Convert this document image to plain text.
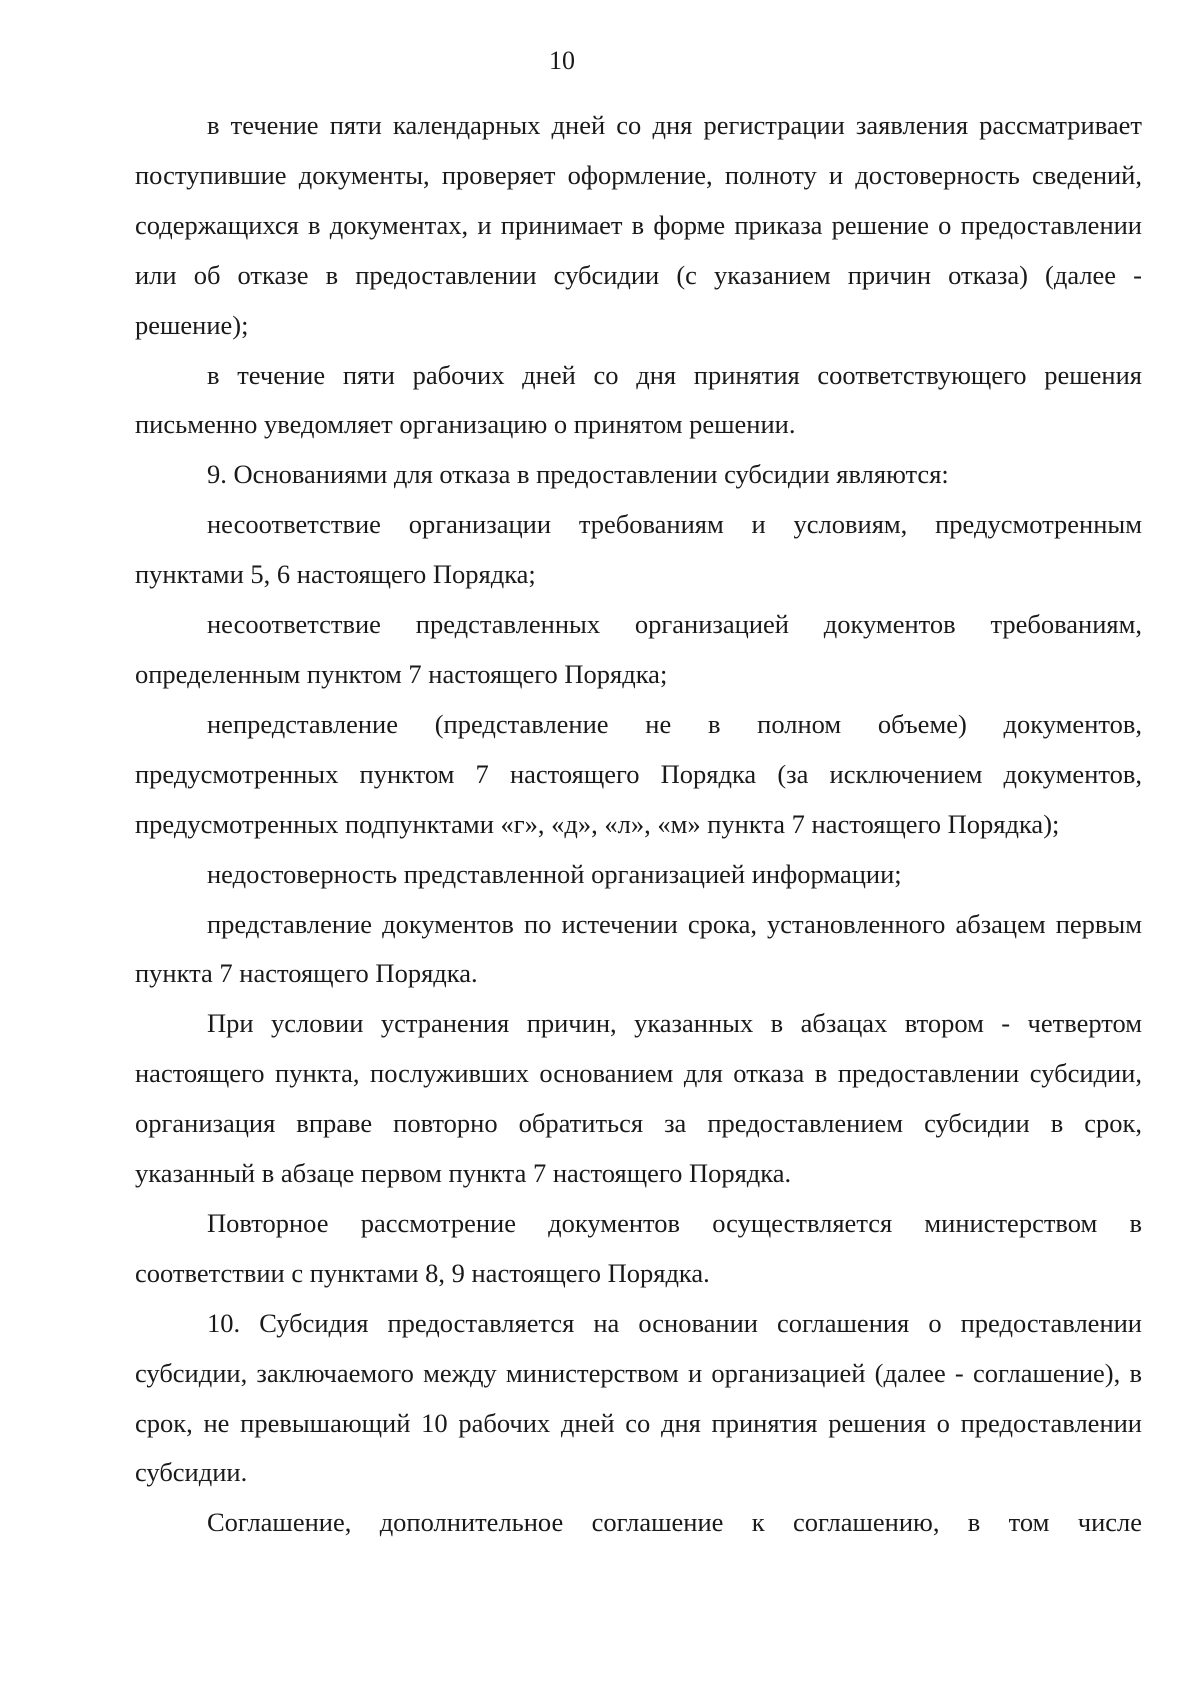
10

в течение пяти календарных дней со дня регистрации заявления рассматривает поступившие документы, проверяет оформление, полноту и достоверность сведений, содержащихся в документах, и принимает в форме приказа решение о предоставлении или об отказе в предоставлении субсидии (с указанием причин отказа) (далее - решение);

в течение пяти рабочих дней со дня принятия соответствующего решения письменно уведомляет организацию о принятом решении.

9. Основаниями для отказа в предоставлении субсидии являются:

несоответствие организации требованиям и условиям, предусмотренным пунктами 5, 6 настоящего Порядка;

несоответствие представленных организацией документов требованиям, определенным пунктом 7 настоящего Порядка;

непредставление (представление не в полном объеме) документов, предусмотренных пунктом 7 настоящего Порядка (за исключением документов, предусмотренных подпунктами «г», «д», «л», «м» пункта 7 настоящего Порядка);

недостоверность представленной организацией информации;

представление документов по истечении срока, установленного абзацем первым пункта 7 настоящего Порядка.

При условии устранения причин, указанных в абзацах втором - четвертом настоящего пункта, послуживших основанием для отказа в предоставлении субсидии, организация вправе повторно обратиться за предоставлением субсидии в срок, указанный в абзаце первом пункта 7 настоящего Порядка.

Повторное рассмотрение документов осуществляется министерством в соответствии с пунктами 8, 9 настоящего Порядка.

10. Субсидия предоставляется на основании соглашения о предоставлении субсидии, заключаемого между министерством и организацией (далее - соглашение), в срок, не превышающий 10 рабочих дней со дня принятия решения о предоставлении субсидии.

Соглашение, дополнительное соглашение к соглашению, в том числе
